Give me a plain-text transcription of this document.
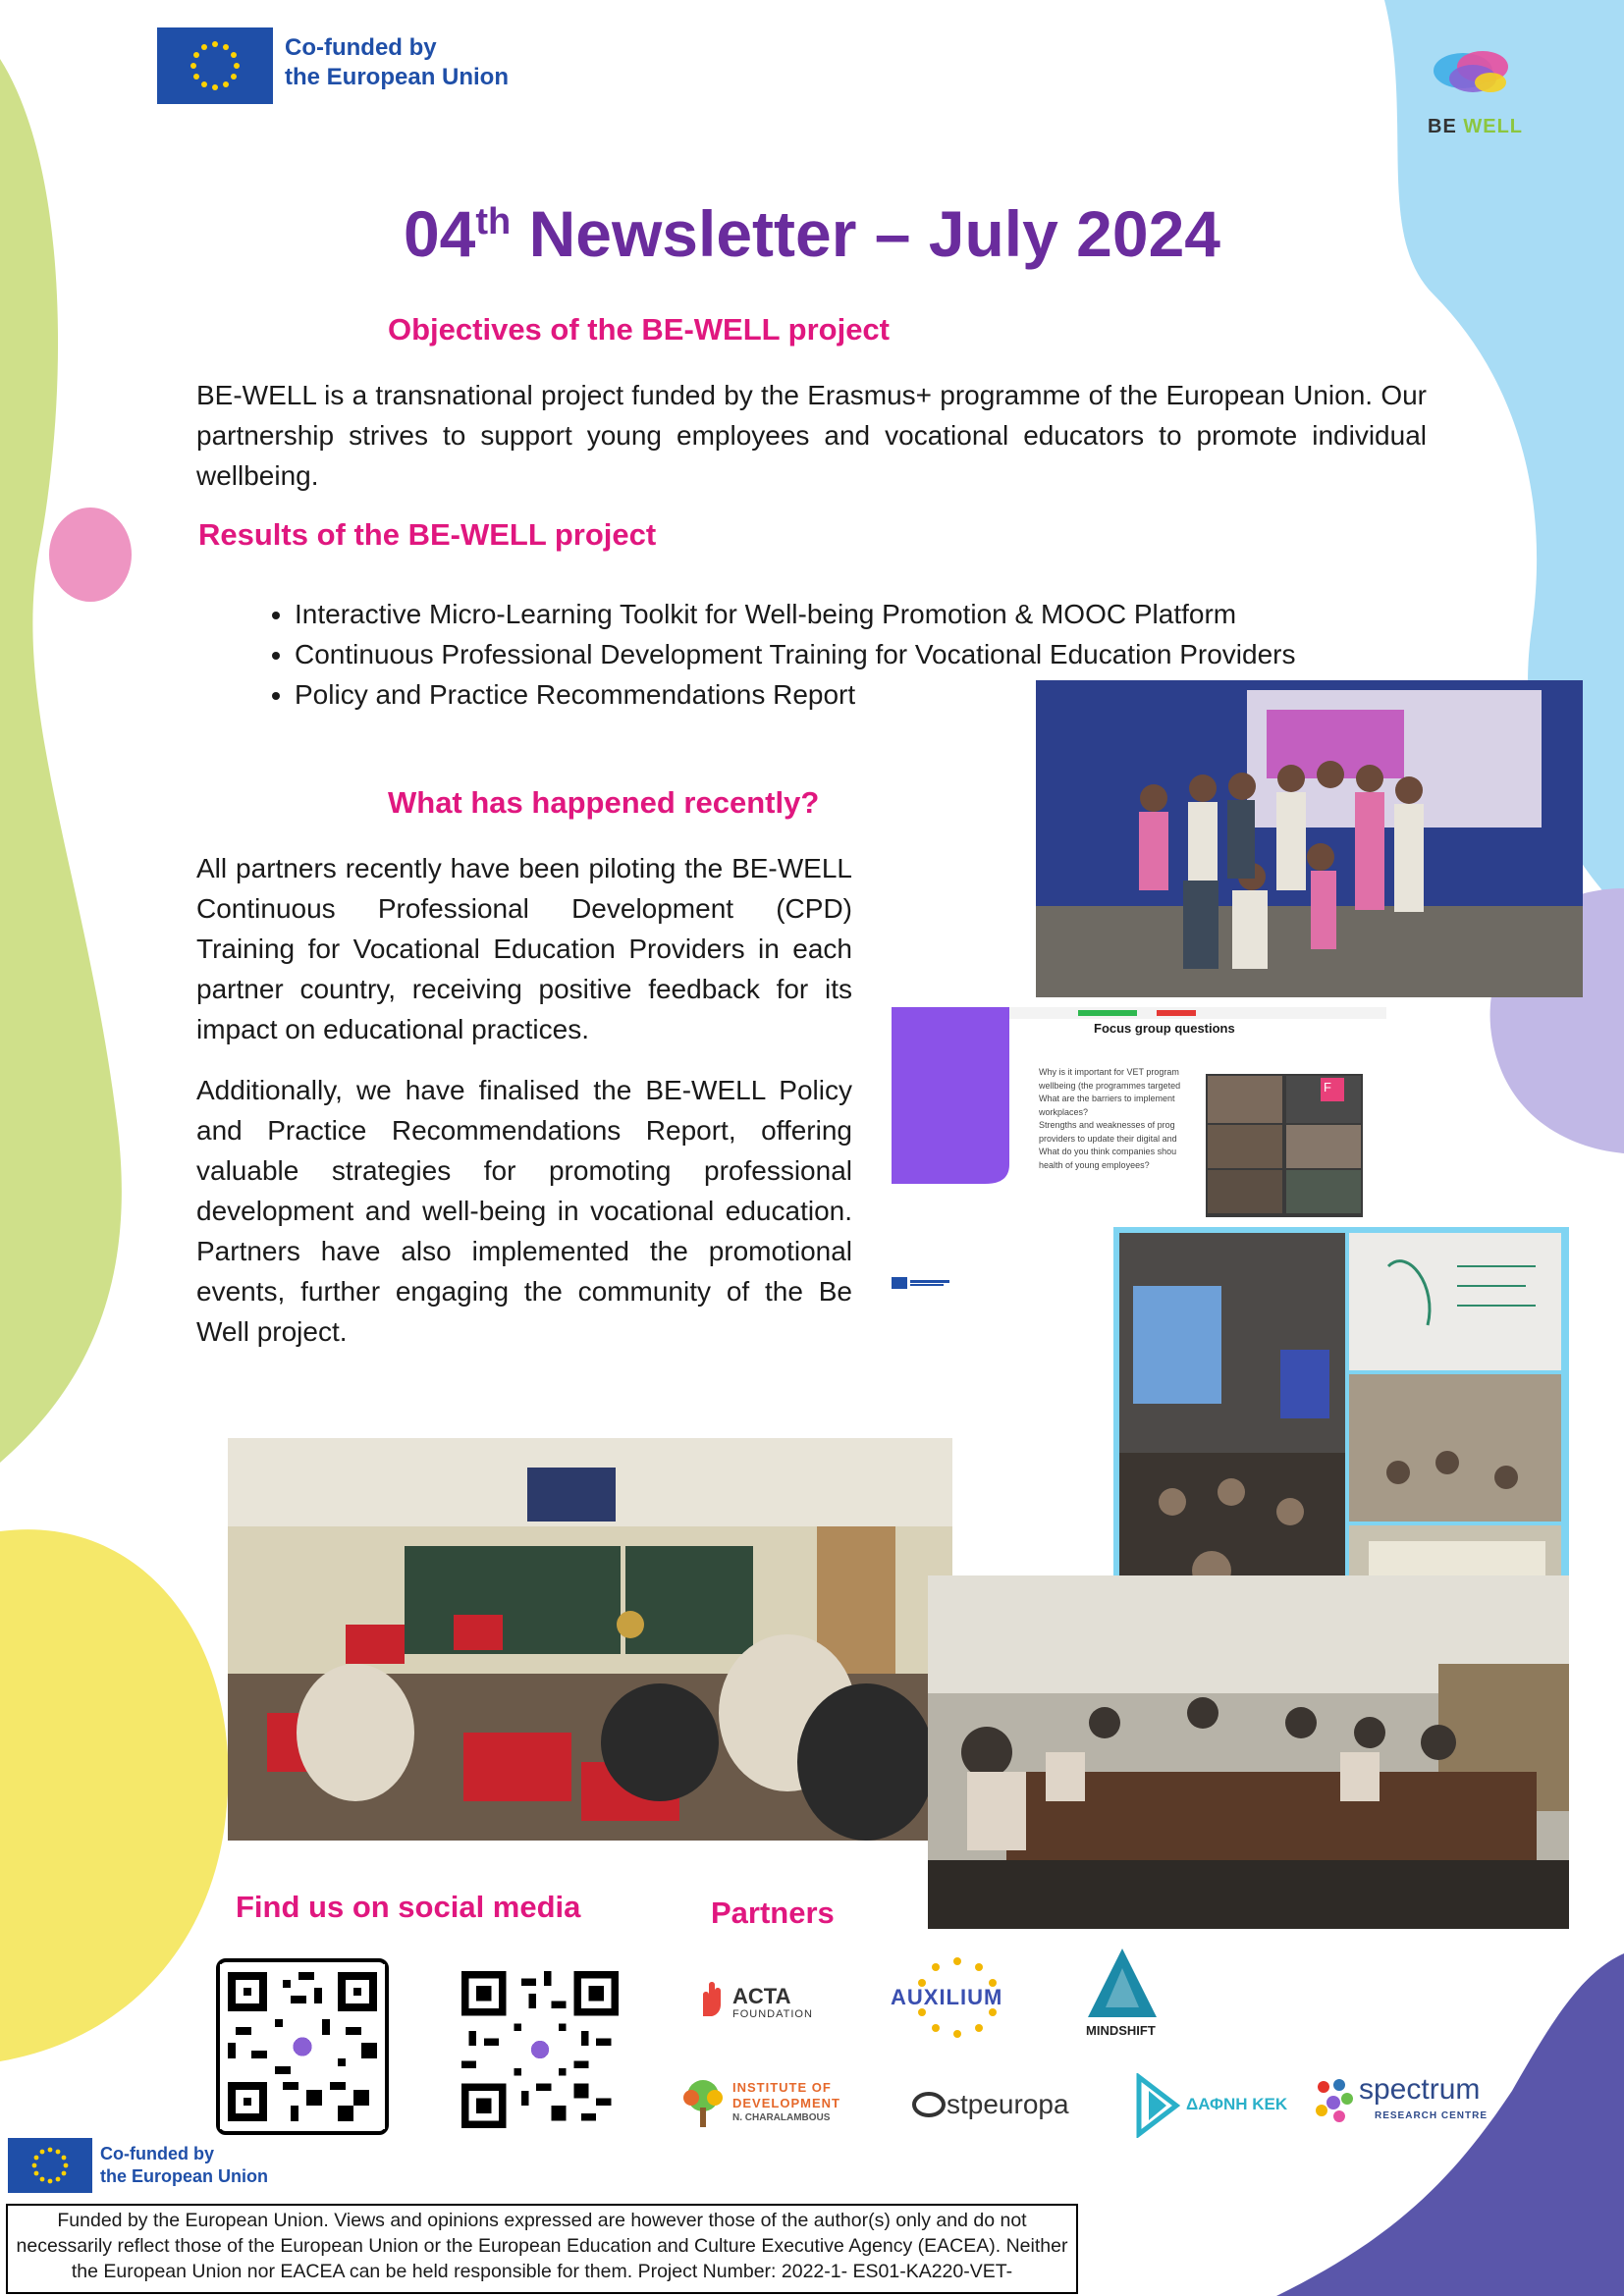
Co-funded by
the European Union
BE WELL
04th Newsletter – July 2024
Objectives of the BE-WELL project
BE-WELL is a transnational project funded by the Erasmus+ programme of the European Union. Our partnership strives to support young employees and vocational educators to promote individual wellbeing.
Results of the BE-WELL project
• Interactive Micro-Learning Toolkit for Well-being Promotion & MOOC Platform
• Continuous Professional Development Training for Vocational Education Providers
• Policy and Practice Recommendations Report
What has happened recently?
All partners recently have been piloting the BE-WELL Continuous Professional Development (CPD) Training for Vocational Education Providers in each partner country, receiving positive feedback for its impact on educational practices.
Additionally, we have finalised the BE-WELL Policy and Practice Recommendations Report, offering valuable strategies for promoting professional development and well-being in vocational education. Partners have also implemented the promotional events, further engaging the community of the Be Well project.
Focus group questions
F
Why is it important for VET program
wellbeing (the programmes targeted
What are the barriers to implement
workplaces?
Strengths and weaknesses of prog
providers to update their digital and
What do you think companies shou
health of young employees?
Find us on social media	Partners
ACTA
FOUNDATION
AUXILIUM
MINDSHIFT
INSTITUTE OF
DEVELOPMENT
N. CHARALAMBOUS	stpeuropa	ΔΑΦΝΗ ΚΕΚ spectrum
RESEARCH CENTRE
Co-funded by
the European Union
Funded by the European Union. Views and opinions expressed are however those of the author(s) only and do not necessarily reflect those of the European Union or the European Education and Culture Executive Agency (EACEA). Neither the European Union nor EACEA can be held responsible for them. Project Number: 2022-1- ES01-KA220-VET-
